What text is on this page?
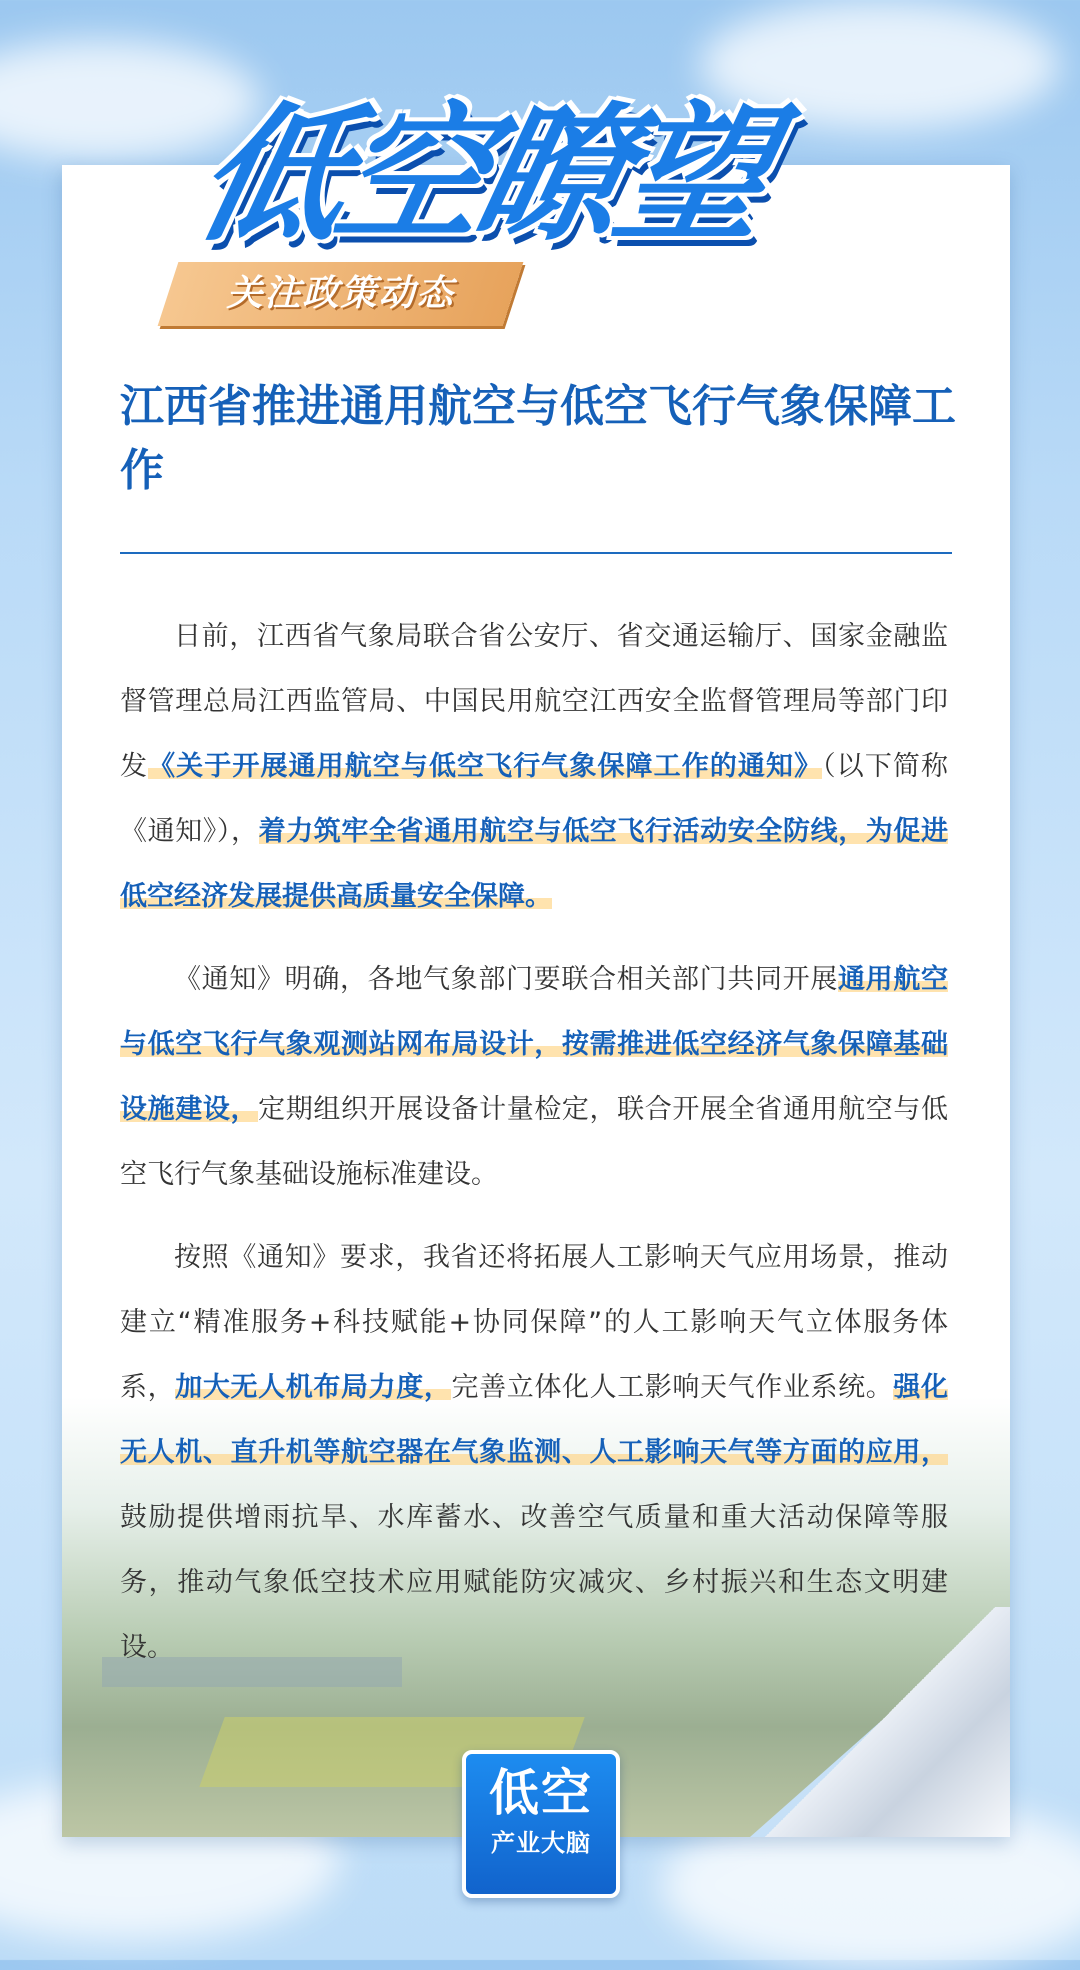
低空瞭望
关注政策动态
江西省推进通用航空与低空飞行气象保障工作

日前，江西省气象局联合省公安厅、省交通运输厅、国家金融监督管理总局江西监管局、中国民用航空江西安全监督管理局等部门印发《关于开展通用航空与低空飞行气象保障工作的通知》（以下简称《通知》），着力筑牢全省通用航空与低空飞行活动安全防线，为促进低空经济发展提供高质量安全保障。

《通知》明确，各地气象部门要联合相关部门共同开展通用航空与低空飞行气象观测站网布局设计，按需推进低空经济气象保障基础设施建设，定期组织开展设备计量检定，联合开展全省通用航空与低空飞行气象基础设施标准建设。

按照《通知》要求，我省还将拓展人工影响天气应用场景，推动建立“精准服务+科技赋能+协同保障”的人工影响天气立体服务体系，加大无人机布局力度，完善立体化人工影响天气作业系统。强化无人机、直升机等航空器在气象监测、人工影响天气等方面的应用，鼓励提供增雨抗旱、水库蓄水、改善空气质量和重大活动保障等服务，推动气象低空技术应用赋能防灾减灾、乡村振兴和生态文明建设。

低空
产业大脑
